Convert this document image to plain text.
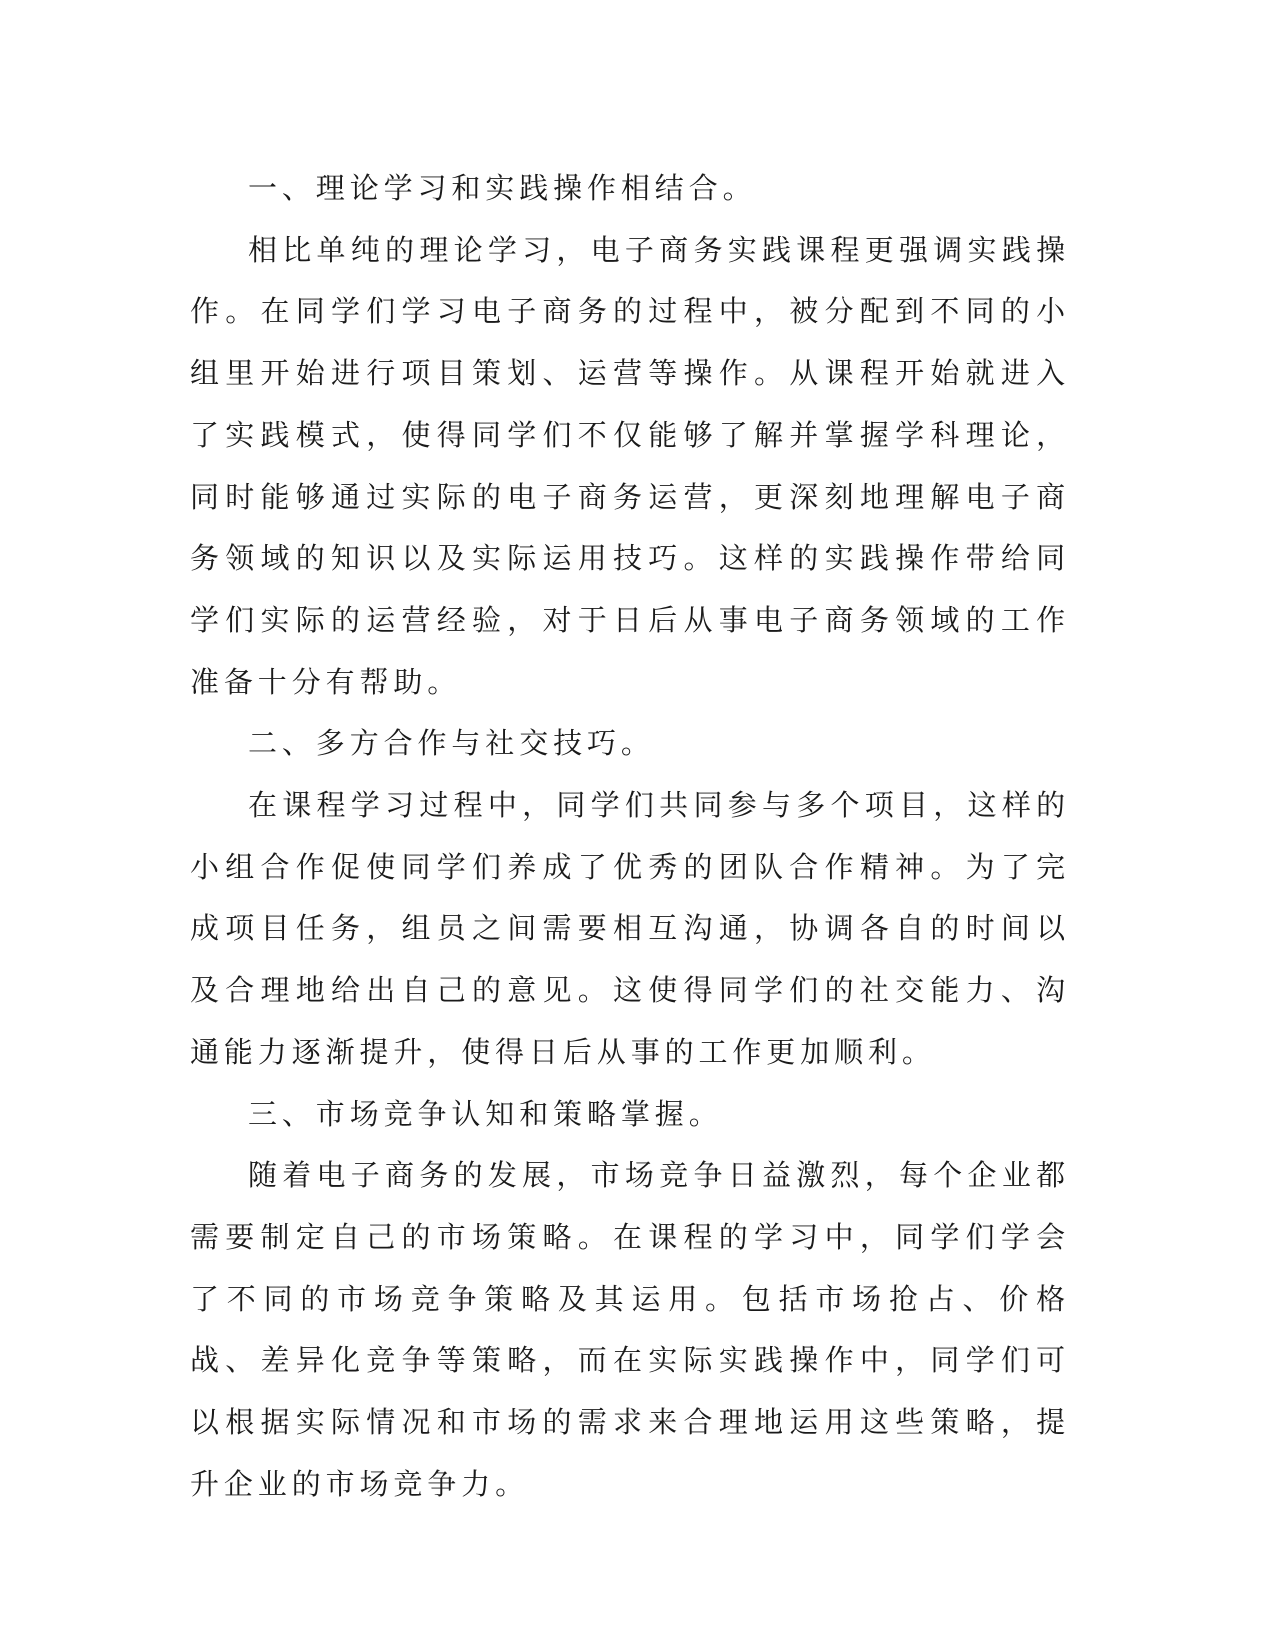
一、理论学习和实践操作相结合。

相比单纯的理论学习，电子商务实践课程更强调实践操作。在同学们学习电子商务的过程中，被分配到不同的小组里开始进行项目策划、运营等操作。从课程开始就进入了实践模式，使得同学们不仅能够了解并掌握学科理论，同时能够通过实际的电子商务运营，更深刻地理解电子商务领域的知识以及实际运用技巧。这样的实践操作带给同学们实际的运营经验，对于日后从事电子商务领域的工作准备十分有帮助。

二、多方合作与社交技巧。

在课程学习过程中，同学们共同参与多个项目，这样的小组合作促使同学们养成了优秀的团队合作精神。为了完成项目任务，组员之间需要相互沟通，协调各自的时间以及合理地给出自己的意见。这使得同学们的社交能力、沟通能力逐渐提升，使得日后从事的工作更加顺利。

三、市场竞争认知和策略掌握。

随着电子商务的发展，市场竞争日益激烈，每个企业都需要制定自己的市场策略。在课程的学习中，同学们学会了不同的市场竞争策略及其运用。包括市场抢占、价格战、差异化竞争等策略，而在实际实践操作中，同学们可以根据实际情况和市场的需求来合理地运用这些策略，提升企业的市场竞争力。
